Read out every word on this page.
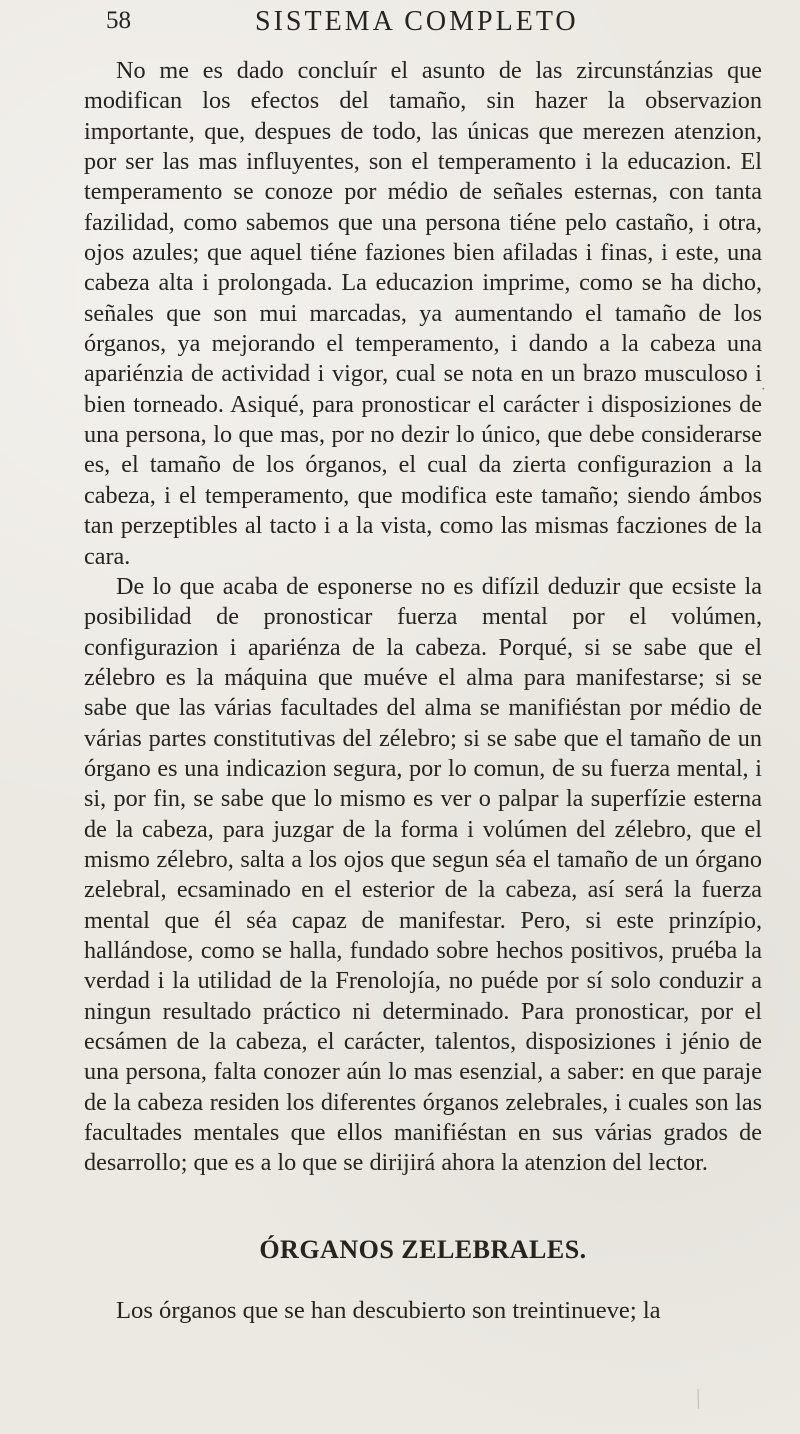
58	SISTEMA COMPLETO

No me es dado concluír el asunto de las zircunstánzias que modifican los efectos del tamaño, sin hazer la observazion importante, que, despues de todo, las únicas que merezen atenzion, por ser las mas influyentes, son el temperamento i la educazion. El temperamento se conoze por médio de señales esternas, con tanta fazilidad, como sabemos que una persona tiéne pelo castaño, i otra, ojos azules; que aquel tiéne faziones bien afiladas i finas, i este, una cabeza alta i prolongada. La educazion imprime, como se ha dicho, señales que son mui marcadas, ya aumentando el tamaño de los órganos, ya mejorando el temperamento, i dando a la cabeza una apariénzia de actividad i vigor, cual se nota en un brazo musculoso i bien torneado. Asiqué, para pronosticar el carácter i disposiziones de una persona, lo que mas, por no dezir lo único, que debe considerarse es, el tamaño de los órganos, el cual da zierta configurazion a la cabeza, i el temperamento, que modifica este tamaño; siendo ámbos tan perzeptibles al tacto i a la vista, como las mismas facziones de la cara.

De lo que acaba de esponerse no es difízil deduzir que ecsiste la posibilidad de pronosticar fuerza mental por el volúmen, configurazion i apariénza de la cabeza. Porqué, si se sabe que el zélebro es la máquina que muéve el alma para manifestarse; si se sabe que las várias facultades del alma se manifiéstan por médio de várias partes constitutivas del zélebro; si se sabe que el tamaño de un órgano es una indicazion segura, por lo comun, de su fuerza mental, i si, por fin, se sabe que lo mismo es ver o palpar la superfízie esterna de la cabeza, para juzgar de la forma i volúmen del zélebro, que el mismo zélebro, salta a los ojos que segun séa el tamaño de un órgano zelebral, ecsaminado en el esterior de la cabeza, así será la fuerza mental que él séa capaz de manifestar. Pero, si este prinzípio, hallándose, como se halla, fundado sobre hechos positivos, pruéba la verdad i la utilidad de la Frenolojía, no puéde por sí solo conduzir a ningun resultado práctico ni determinado. Para pronosticar, por el ecsámen de la cabeza, el carácter, talentos, disposiziones i jénio de una persona, falta conozer aún lo mas esenzial, a saber: en que paraje de la cabeza residen los diferentes órganos zelebrales, i cuales son las facultades mentales que ellos manifiéstan en sus várias grados de desarrollo; que es a lo que se dirijirá ahora la atenzion del lector.

ÓRGANOS ZELEBRALES.

Los órganos que se han descubierto son treintinueve; la

·
\
